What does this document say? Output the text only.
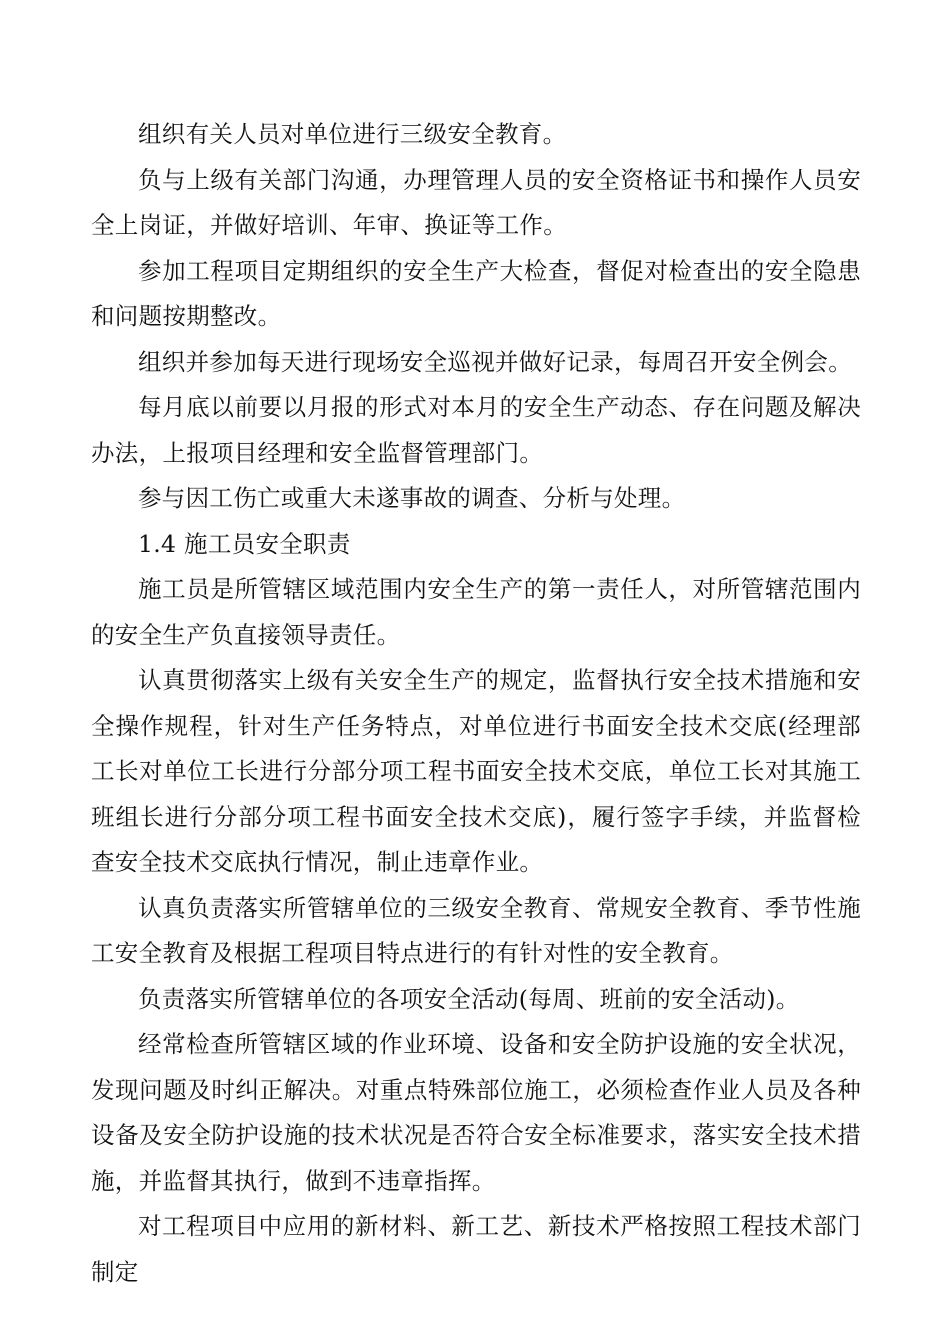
组织有关人员对单位进行三级安全教育。

负与上级有关部门沟通，办理管理人员的安全资格证书和操作人员安全上岗证，并做好培训、年审、换证等工作。

参加工程项目定期组织的安全生产大检查，督促对检查出的安全隐患和问题按期整改。

组织并参加每天进行现场安全巡视并做好记录，每周召开安全例会。

每月底以前要以月报的形式对本月的安全生产动态、存在问题及解决办法，上报项目经理和安全监督管理部门。

参与因工伤亡或重大未遂事故的调查、分析与处理。

1.4 施工员安全职责

施工员是所管辖区域范围内安全生产的第一责任人，对所管辖范围内的安全生产负直接领导责任。

认真贯彻落实上级有关安全生产的规定，监督执行安全技术措施和安全操作规程，针对生产任务特点，对单位进行书面安全技术交底(经理部工长对单位工长进行分部分项工程书面安全技术交底，单位工长对其施工班组长进行分部分项工程书面安全技术交底)，履行签字手续，并监督检查安全技术交底执行情况，制止违章作业。

认真负责落实所管辖单位的三级安全教育、常规安全教育、季节性施工安全教育及根据工程项目特点进行的有针对性的安全教育。

负责落实所管辖单位的各项安全活动(每周、班前的安全活动)。

经常检查所管辖区域的作业环境、设备和安全防护设施的安全状况，发现问题及时纠正解决。对重点特殊部位施工，必须检查作业人员及各种设备及安全防护设施的技术状况是否符合安全标准要求，落实安全技术措施，并监督其执行，做到不违章指挥。

对工程项目中应用的新材料、新工艺、新技术严格按照工程技术部门制定
